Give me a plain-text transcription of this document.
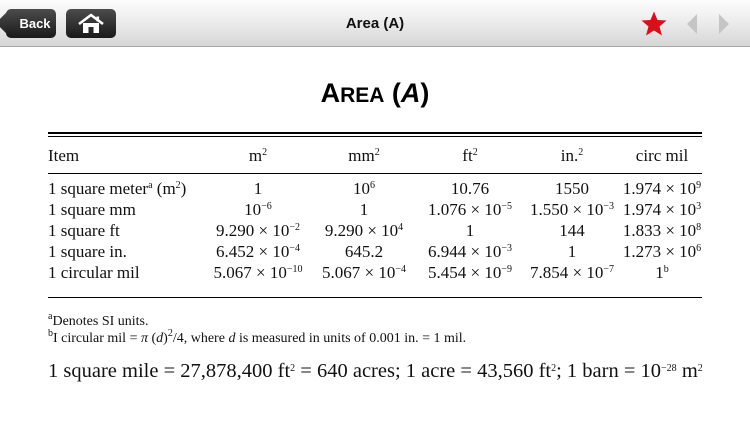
Back	Area (A)
AREA (A)
Item	$m^2$	$mm^2$	$ft^2$	in.$^2$	circ mil
1 square meter$^a$ $(m^2)$	1	$10^6$	10.76	1550	$1.974 \times 10^9$
1 square mm	$10^{-6}$	1	$1.076 \times 10^{-5}$	$1.550 \times 10^{-3}$	$1.974 \times 10^3$
1 square ft	$9.290 \times 10^{-2}$	$9.290 \times 10^4$	1	144	$1.833 \times 10^8$
1 square in.	$6.452 \times 10^{-4}$	645.2	$6.944 \times 10^{-3}$	1	$1.273 \times 10^6$
1 circular mil	$5.067 \times 10^{-10}$	$5.067 \times 10^{-4}$	$5.454 \times 10^{-9}$	$7.854 \times 10^{-7}$	1$^b$
$^a$Denotes SI units.
$^b$I circular mil = π $(d)^2/4$, where d is measured in units of 0.001 in. = 1 mil.
1 square mile = 27,878,400 $ft^2 = 640$ acres; 1 acre = 43,560 $ft^2$; 1 barn = $10^{-28}$ $m^2$
